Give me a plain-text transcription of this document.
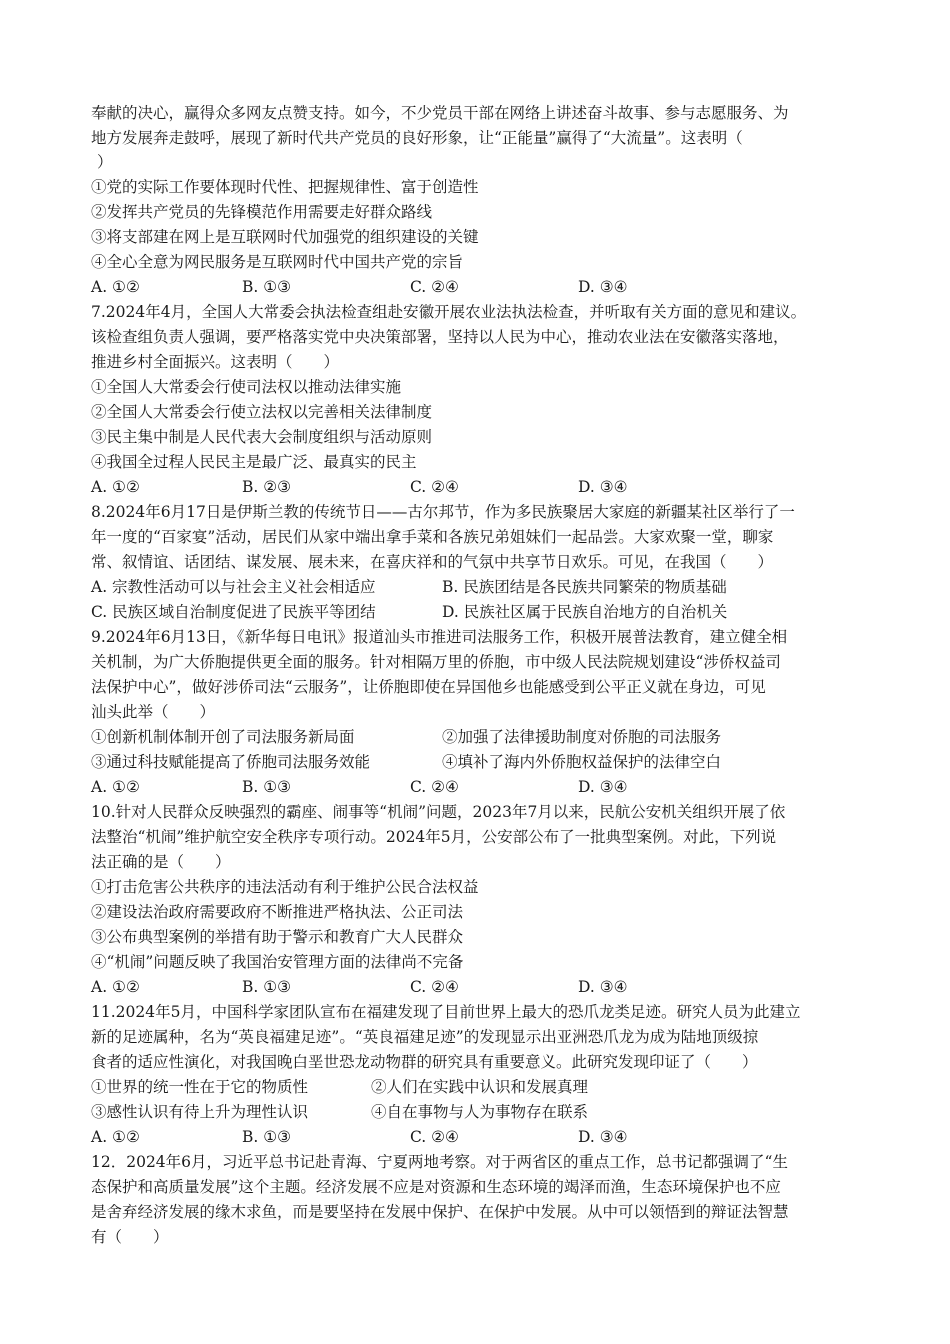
奉献的决心，赢得众多网友点赞支持。如今，不少党员干部在网络上讲述奋斗故事、参与志愿服务、为
地方发展奔走鼓呼，展现了新时代共产党员的良好形象，让“正能量”赢得了“大流量”。这表明（
）
①党的实际工作要体现时代性、把握规律性、富于创造性
②发挥共产党员的先锋模范作用需要走好群众路线
③将支部建在网上是互联网时代加强党的组织建设的关键
④全心全意为网民服务是互联网时代中国共产党的宗旨
A. ①②	B. ①③	C. ②④	D. ③④
7.2024年4月，全国人大常委会执法检查组赴安徽开展农业法执法检查，并听取有关方面的意见和建议。
该检查组负责人强调，要严格落实党中央决策部署，坚持以人民为中心，推动农业法在安徽落实落地，
推进乡村全面振兴。这表明（　　）
①全国人大常委会行使司法权以推动法律实施
②全国人大常委会行使立法权以完善相关法律制度
③民主集中制是人民代表大会制度组织与活动原则
④我国全过程人民民主是最广泛、最真实的民主
A. ①②	B. ②③	C. ②④	D. ③④
8.2024年6月17日是伊斯兰教的传统节日——古尔邦节，作为多民族聚居大家庭的新疆某社区举行了一
年一度的“百家宴”活动，居民们从家中端出拿手菜和各族兄弟姐妹们一起品尝。大家欢聚一堂，聊家
常、叙情谊、话团结、谋发展、展未来，在喜庆祥和的气氛中共享节日欢乐。可见，在我国（　　）
A. 宗教性活动可以与社会主义社会相适应	B. 民族团结是各民族共同繁荣的物质基础
C. 民族区域自治制度促进了民族平等团结	D. 民族社区属于民族自治地方的自治机关
9.2024年6月13日，《新华每日电讯》报道汕头市推进司法服务工作，积极开展普法教育，建立健全相
关机制，为广大侨胞提供更全面的服务。针对相隔万里的侨胞，市中级人民法院规划建设“涉侨权益司
法保护中心”，做好涉侨司法“云服务”，让侨胞即使在异国他乡也能感受到公平正义就在身边，可见
汕头此举（　　）
①创新机制体制开创了司法服务新局面	②加强了法律援助制度对侨胞的司法服务
③通过科技赋能提高了侨胞司法服务效能	④填补了海内外侨胞权益保护的法律空白
A. ①②	B. ①③	C. ②④	D. ③④
10.针对人民群众反映强烈的霸座、闹事等“机闹”问题，2023年7月以来，民航公安机关组织开展了依
法整治“机闹”维护航空安全秩序专项行动。2024年5月，公安部公布了一批典型案例。对此，下列说
法正确的是（　　）
①打击危害公共秩序的违法活动有利于维护公民合法权益
②建设法治政府需要政府不断推进严格执法、公正司法
③公布典型案例的举措有助于警示和教育广大人民群众
④“机闹”问题反映了我国治安管理方面的法律尚不完备
A. ①②	B. ①③	C. ②④	D. ③④
11.2024年5月，中国科学家团队宣布在福建发现了目前世界上最大的恐爪龙类足迹。研究人员为此建立
新的足迹属种，名为“英良福建足迹”。“英良福建足迹”的发现显示出亚洲恐爪龙为成为陆地顶级掠
食者的适应性演化，对我国晚白垩世恐龙动物群的研究具有重要意义。此研究发现印证了（　　）
①世界的统一性在于它的物质性	②人们在实践中认识和发展真理
③感性认识有待上升为理性认识	④自在事物与人为事物存在联系
A. ①②	B. ①③	C. ②④	D. ③④
12．2024年6月，习近平总书记赴青海、宁夏两地考察。对于两省区的重点工作，总书记都强调了“生
态保护和高质量发展”这个主题。经济发展不应是对资源和生态环境的竭泽而渔，生态环境保护也不应
是舍弃经济发展的缘木求鱼，而是要坚持在发展中保护、在保护中发展。从中可以领悟到的辩证法智慧
有（　　）
